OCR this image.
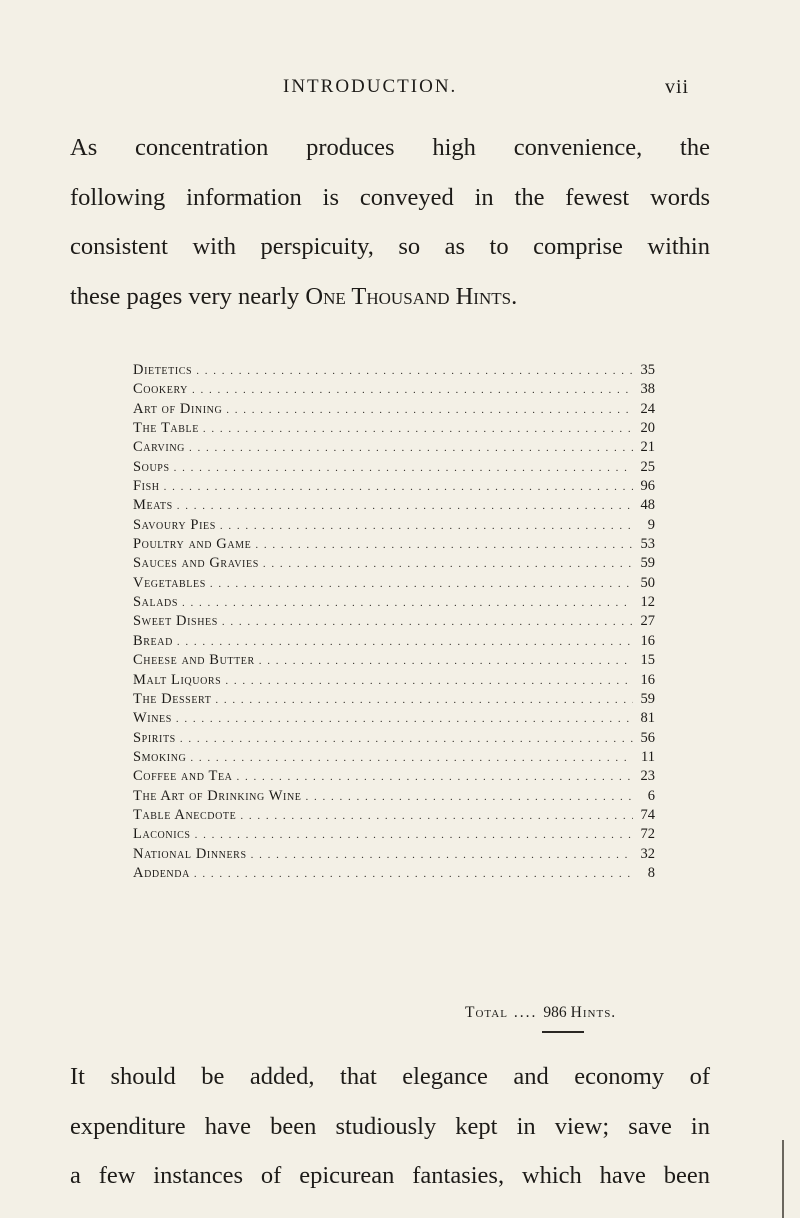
INTRODUCTION.	vii
As concentration produces high convenience, the
following information is conveyed in the fewest words
consistent with perspicuity, so as to comprise within
these pages very nearly One Thousand Hints.
Dietetics . . .	35
Cookery . . .	38
Art of Dining . . .	24
The Table . . .	20
Carving . . .	21
Soups . . .	25
Fish . . .	96
Meats . . .	48
Savoury Pies . . .	9
Poultry and Game . . .	53
Sauces and Gravies . . .	59
Vegetables . . .	50
Salads . . .	12
Sweet Dishes . . .	27
Bread . . .	16
Cheese and Butter . . .	15
Malt Liquors . . .	16
The Dessert . . .	59
Wines . . .	81
Spirits . . .	56
Smoking . . .	11
Coffee and Tea . . .	23
The Art of Drinking Wine . . .	6
Table Anecdote . . .	74
Laconics . . .	72
National Dinners . . .	32
Addenda . . .	8
Total .... 986 Hints.
It should be added, that elegance and economy of
expenditure have been studiously kept in view; save in
a few instances of epicurean fantasies, which have been
